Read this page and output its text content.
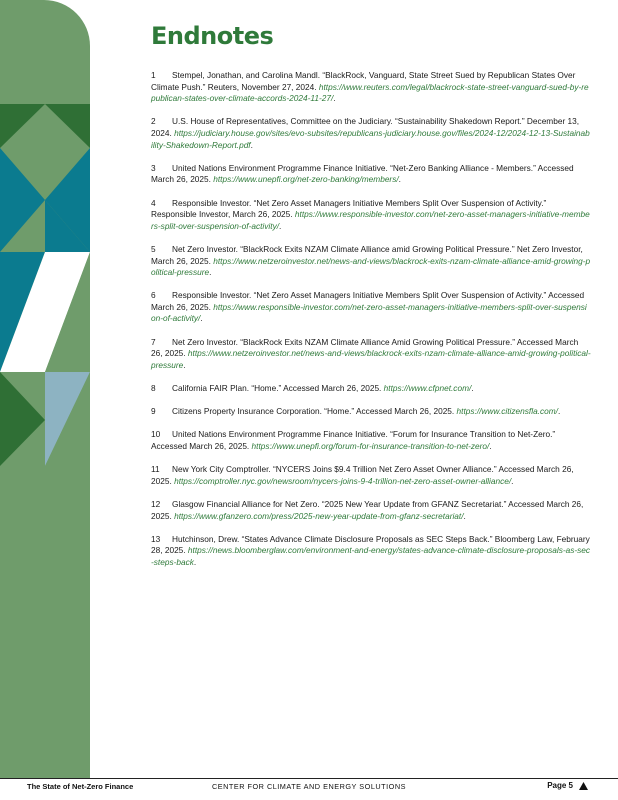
Endnotes
1 Stempel, Jonathan, and Carolina Mandl. “BlackRock, Vanguard, State Street Sued by Republican States Over Climate Push.” Reuters, November 27, 2024. https://www.reuters.com/legal/blackrock-state-street-vanguard-sued-by-republican-states-over-climate-accords-2024-11-27/.
2 U.S. House of Representatives, Committee on the Judiciary. “Sustainability Shakedown Report.” December 13, 2024. https://judiciary.house.gov/sites/evo-subsites/republicans-judiciary.house.gov/files/2024-12/2024-12-13-Sustainability-Shakedown-Report.pdf.
3 United Nations Environment Programme Finance Initiative. “Net-Zero Banking Alliance - Members.” Accessed March 26, 2025. https://www.unepfi.org/net-zero-banking/members/.
4 Responsible Investor. “Net Zero Asset Managers Initiative Members Split Over Suspension of Activity.” Responsible Investor, March 26, 2025. https://www.responsible-investor.com/net-zero-asset-managers-initiative-members-split-over-suspension-of-activity/.
5 Net Zero Investor. “BlackRock Exits NZAM Climate Alliance amid Growing Political Pressure.” Net Zero Investor, March 26, 2025. https://www.netzeroinvestor.net/news-and-views/blackrock-exits-nzam-climate-alliance-amid-growing-political-pressure.
6 Responsible Investor. “Net Zero Asset Managers Initiative Members Split Over Suspension of Activity.” Accessed March 26, 2025. https://www.responsible-investor.com/net-zero-asset-managers-initiative-members-split-over-suspension-of-activity/.
7 Net Zero Investor. “BlackRock Exits NZAM Climate Alliance Amid Growing Political Pressure.” Accessed March 26, 2025. https://www.netzeroinvestor.net/news-and-views/blackrock-exits-nzam-climate-alliance-amid-growing-political-pressure.
8 California FAIR Plan. “Home.” Accessed March 26, 2025. https://www.cfpnet.com/.
9 Citizens Property Insurance Corporation. “Home.” Accessed March 26, 2025. https://www.citizensfla.com/.
10 United Nations Environment Programme Finance Initiative. “Forum for Insurance Transition to Net-Zero.” Accessed March 26, 2025. https://www.unepfi.org/forum-for-insurance-transition-to-net-zero/.
11 New York City Comptroller. “NYCERS Joins $9.4 Trillion Net Zero Asset Owner Alliance.” Accessed March 26, 2025. https://comptroller.nyc.gov/newsroom/nycers-joins-9-4-trillion-net-zero-asset-owner-alliance/.
12 Glasgow Financial Alliance for Net Zero. “2025 New Year Update from GFANZ Secretariat.” Accessed March 26, 2025. https://www.gfanzero.com/press/2025-new-year-update-from-gfanz-secretariat/.
13 Hutchinson, Drew. “States Advance Climate Disclosure Proposals as SEC Steps Back.” Bloomberg Law, February 28, 2025. https://news.bloomberglaw.com/environment-and-energy/states-advance-climate-disclosure-proposals-as-sec-steps-back.
The State of Net-Zero Finance	CENTER FOR CLIMATE AND ENERGY SOLUTIONS	Page 5
